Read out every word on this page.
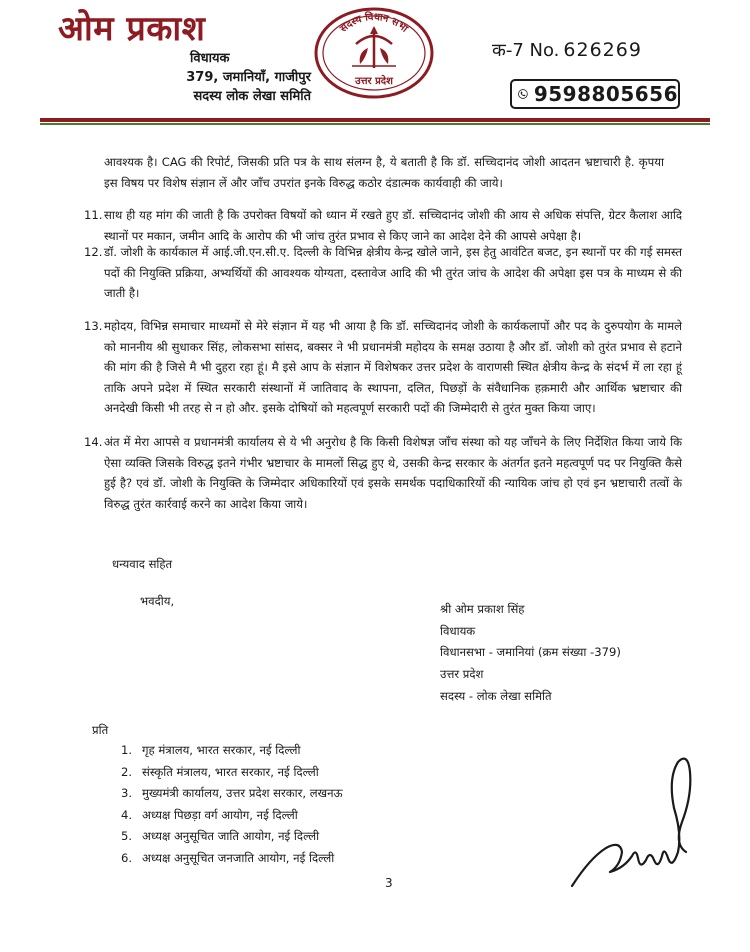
ओम प्रकाश
विधायक
379, जमानियाँ, गाजीपुर
सदस्य लोक लेखा समिति
सदस्य विधान सभा
उत्तर प्रदेश
क-7 No. 626269
9598805656
आवश्यक है। CAG की रिपोर्ट, जिसकी प्रति पत्र के साथ संलग्न है, ये बताती है कि डॉ. सच्चिदानंद जोशी आदतन भ्रष्टाचारी है. कृपया इस विषय पर विशेष संज्ञान लें और जाँच उपरांत इनके विरुद्ध कठोर दंडात्मक कार्यवाही की जाये।
11. साथ ही यह मांग की जाती है कि उपरोक्त विषयों को ध्यान में रखते हुए डॉ. सच्चिदानंद जोशी की आय से अधिक संपत्ति, ग्रेटर कैलाश आदि स्थानों पर मकान, जमीन आदि के आरोप की भी जांच तुरंत प्रभाव से किए जाने का आदेश देने की आपसे अपेक्षा है।
12. डॉ. जोशी के कार्यकाल में आई.जी.एन.सी.ए. दिल्ली के विभिन्न क्षेत्रीय केन्द्र खोले जाने, इस हेतु आवंटित बजट, इन स्थानों पर की गई समस्त पदों की नियुक्ति प्रक्रिया, अभ्यर्थियों की आवश्यक योग्यता, दस्तावेज आदि की भी तुरंत जांच के आदेश की अपेक्षा इस पत्र के माध्यम से की जाती है।
13. महोदय, विभिन्न समाचार माध्यमों से मेरे संज्ञान में यह भी आया है कि डॉ. सच्चिदानंद जोशी के कार्यकलापों और पद के दुरुपयोग के मामले को माननीय श्री सुधाकर सिंह, लोकसभा सांसद, बक्सर ने भी प्रधानमंत्री महोदय के समक्ष उठाया है और डॉ. जोशी को तुरंत प्रभाव से हटाने की मांग की है जिसे मै भी दुहरा रहा हूं। मै इसे आप के संज्ञान में विशेषकर उत्तर प्रदेश के वाराणसी स्थित क्षेत्रीय केन्द्र के संदर्भ में ला रहा हूं ताकि अपने प्रदेश में स्थित सरकारी संस्थानों में जातिवाद के स्थापना, दलित, पिछड़ों के संवैधानिक हक़मारी और आर्थिक भ्रष्टाचार की अनदेखी किसी भी तरह से न हो और. इसके दोषियों को महत्वपूर्ण सरकारी पदों की जिम्मेदारी से तुरंत मुक्त किया जाए।
14. अंत में मेरा आपसे व प्रधानमंत्री कार्यालय से ये भी अनुरोध है कि किसी विशेषज्ञ जाँच संस्था को यह जाँचने के लिए निर्देशित किया जाये कि ऐसा व्यक्ति जिसके विरुद्ध इतने गंभीर भ्रष्टाचार के मामलों सिद्ध हुए थे, उसकी केन्द्र सरकार के अंतर्गत इतने महत्वपूर्ण पद पर नियुक्ति कैसे हुई है? एवं डॉ. जोशी के नियुक्ति के जिम्मेदार अधिकारियों एवं इसके समर्थक पदाधिकारियों की न्यायिक जांच हो एवं इन भ्रष्टाचारी तत्वों के विरुद्ध तुरंत कार्रवाई करने का आदेश किया जाये।
धन्यवाद सहित
भवदीय,
श्री ओम प्रकाश सिंह
विधायक
विधानसभा - जमानियां (क्रम संख्या -379)
उत्तर प्रदेश
सदस्य - लोक लेखा समिति
प्रति
1. गृह मंत्रालय, भारत सरकार, नई दिल्ली
2. संस्कृति मंत्रालय, भारत सरकार, नई दिल्ली
3. मुख्यमंत्री कार्यालय, उत्तर प्रदेश सरकार, लखनऊ
4. अध्यक्ष पिछड़ा वर्ग आयोग, नई दिल्ली
5. अध्यक्ष अनुसूचित जाति आयोग, नई दिल्ली
6. अध्यक्ष अनुसूचित जनजाति आयोग, नई दिल्ली
3
